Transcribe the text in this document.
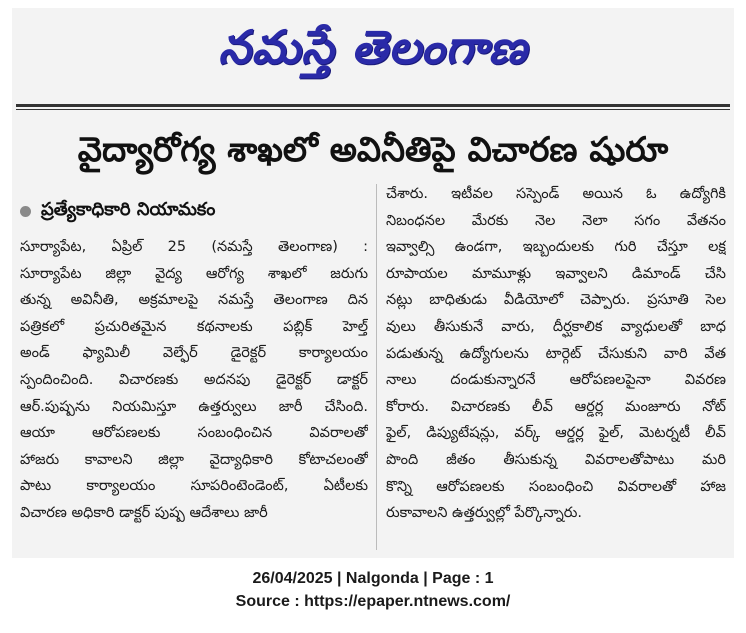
నమస్తే తెలంగాణ
వైద్యారోగ్య శాఖలో అవినీతిపై విచారణ షురూ
ప్రత్యేకాధికారి నియామకం
సూర్యాపేట, ఏప్రిల్ 25 (నమస్తే తెలంగాణ) :
సూర్యాపేట జిల్లా వైద్య ఆరోగ్య శాఖలో జరుగు
తున్న అవినీతి, అక్రమాలపై నమస్తే తెలంగాణ దిన
పత్రికలో ప్రచురితమైన కథనాలకు పబ్లిక్ హెల్త్
అండ్ ఫ్యామిలీ వెల్ఫేర్ డైరెక్టర్ కార్యాలయం
స్పందించింది. విచారణకు అదనపు డైరెక్టర్ డాక్టర్
ఆర్.పుష్పను నియమిస్తూ ఉత్తర్వులు జారీ చేసింది.
ఆయా ఆరోపణలకు సంబంధించిన వివరాలతో
హాజరు కావాలని జిల్లా వైద్యాధికారి కోటాచలంతో
పాటు కార్యాలయం సూపరింటెండెంట్, ఏటీలకు
విచారణ అధికారి డాక్టర్ పుష్ప ఆదేశాలు జారీ
చేశారు. ఇటీవల సస్పెండ్ అయిన ఓ ఉద్యోగికి
నిబంధనల మేరకు నెల నెలా సగం వేతనం
ఇవ్వాల్సి ఉండగా, ఇబ్బందులకు గురి చేస్తూ లక్ష
రూపాయల మామూళ్లు ఇవ్వాలని డిమాండ్ చేసి
నట్లు బాధితుడు వీడియోలో చెప్పారు. ప్రసూతి సెల
వులు తీసుకునే వారు, దీర్ఘకాలిక వ్యాధులతో బాధ
పడుతున్న ఉద్యోగులను టార్గెట్ చేసుకుని వారి వేత
నాలు దండుకున్నారనే ఆరోపణలపైనా వివరణ
కోరారు. విచారణకు లీవ్ ఆర్డర్ల మంజూరు నోట్
ఫైల్, డిప్యుటేషన్లు, వర్క్ ఆర్డర్ల ఫైల్, మెటర్నటీ లీవ్
పొంది జీతం తీసుకున్న వివరాలతోపాటు మరి
కొన్ని ఆరోపణలకు సంబంధించి వివరాలతో హాజ
రుకావాలని ఉత్తర్వుల్లో పేర్కొన్నారు.
26/04/2025 | Nalgonda | Page : 1
Source : https://epaper.ntnews.com/
